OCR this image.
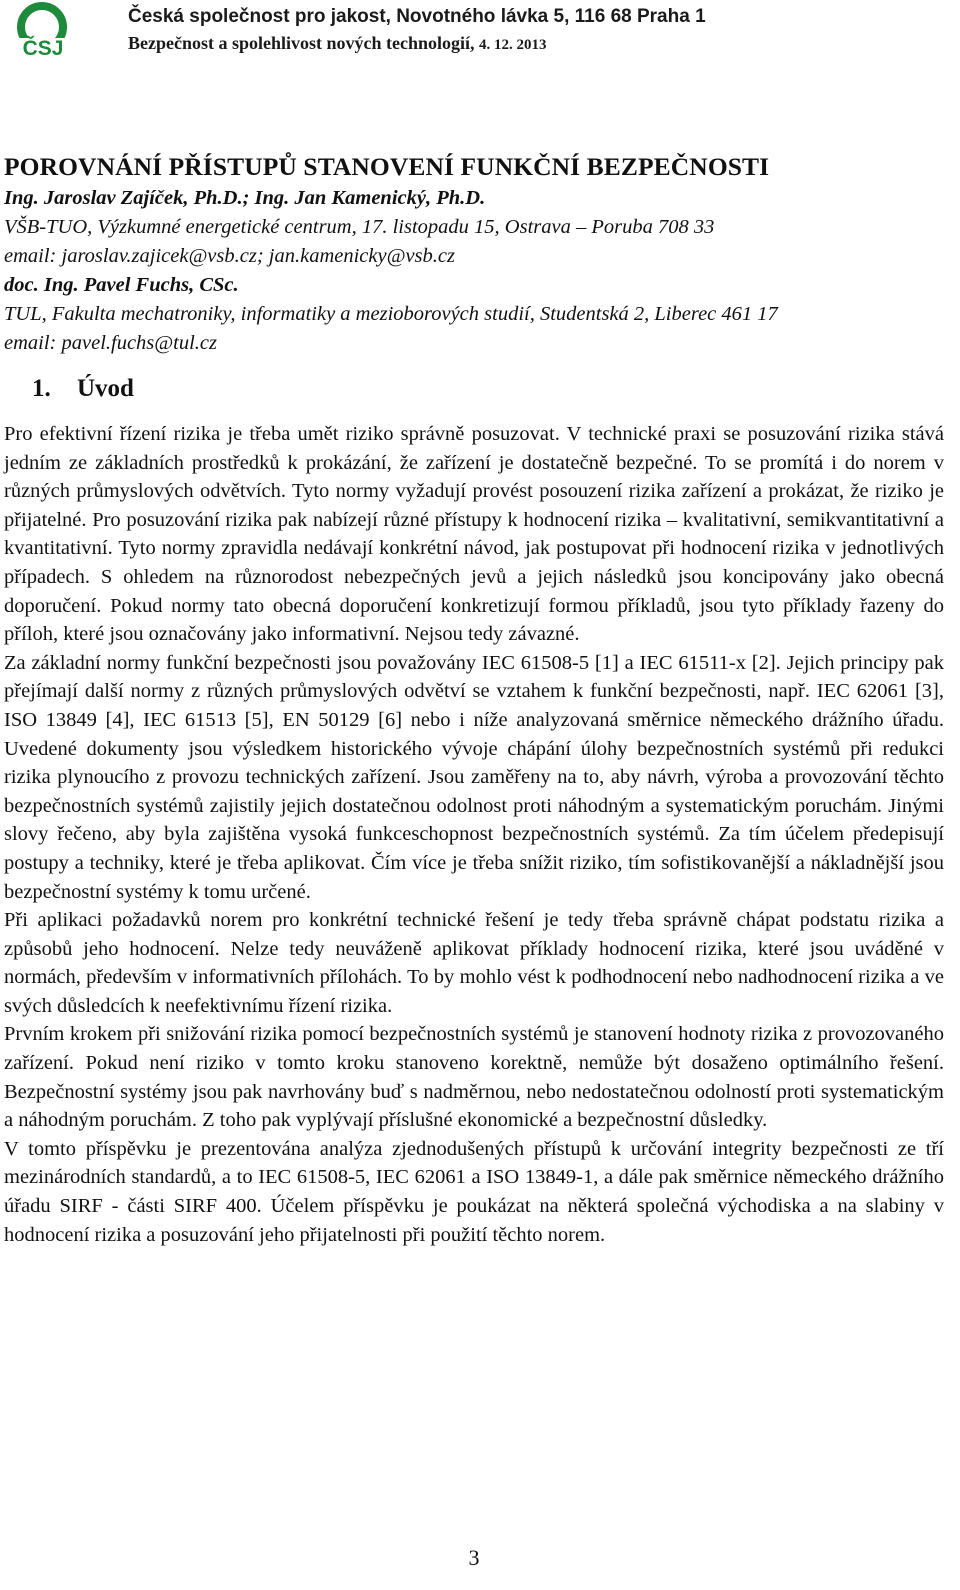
ČSJ
Česká společnost pro jakost, Novotného lávka 5, 116 68 Praha 1
Bezpečnost a spolehlivost nových technologií, 4. 12. 2013
POROVNÁNÍ PŘÍSTUPŮ STANOVENÍ FUNKČNÍ BEZPEČNOSTI

Ing. Jaroslav Zajíček, Ph.D.; Ing. Jan Kamenický, Ph.D.

VŠB-TUO, Výzkumné energetické centrum, 17. listopadu 15, Ostrava – Poruba 708 33

email: jaroslav.zajicek@vsb.cz; jan.kamenicky@vsb.cz

doc. Ing. Pavel Fuchs, CSc.

TUL, Fakulta mechatroniky, informatiky a mezioborových studií, Studentská 2, Liberec 461 17

email: pavel.fuchs@tul.cz

1. Úvod

Pro efektivní řízení rizika je třeba umět riziko správně posuzovat. V technické praxi se posuzování rizika stává jedním ze základních prostředků k prokázání, že zařízení je dostatečně bezpečné. To se promítá i do norem v různých průmyslových odvětvích. Tyto normy vyžadují provést posouzení rizika zařízení a prokázat, že riziko je přijatelné. Pro posuzování rizika pak nabízejí různé přístupy k hodnocení rizika – kvalitativní, semikvantitativní a kvantitativní. Tyto normy zpravidla nedávají konkrétní návod, jak postupovat při hodnocení rizika v jednotlivých případech. S ohledem na různorodost nebezpečných jevů a jejich následků jsou koncipovány jako obecná doporučení. Pokud normy tato obecná doporučení konkretizují formou příkladů, jsou tyto příklady řazeny do příloh, které jsou označovány jako informativní. Nejsou tedy závazné.

Za základní normy funkční bezpečnosti jsou považovány IEC 61508-5 [1] a IEC 61511-x [2]. Jejich principy pak přejímají další normy z různých průmyslových odvětví se vztahem k funkční bezpečnosti, např. IEC 62061 [3], ISO 13849 [4], IEC 61513 [5], EN 50129 [6] nebo i níže analyzovaná směrnice německého drážního úřadu. Uvedené dokumenty jsou výsledkem historického vývoje chápání úlohy bezpečnostních systémů při redukci rizika plynoucího z provozu technických zařízení. Jsou zaměřeny na to, aby návrh, výroba a provozování těchto bezpečnostních systémů zajistily jejich dostatečnou odolnost proti náhodným a systematickým poruchám. Jinými slovy řečeno, aby byla zajištěna vysoká funkceschopnost bezpečnostních systémů. Za tím účelem předepisují postupy a techniky, které je třeba aplikovat. Čím více je třeba snížit riziko, tím sofistikovanější a nákladnější jsou bezpečnostní systémy k tomu určené.

Při aplikaci požadavků norem pro konkrétní technické řešení je tedy třeba správně chápat podstatu rizika a způsobů jeho hodnocení. Nelze tedy neuváženě aplikovat příklady hodnocení rizika, které jsou uváděné v normách, především v informativních přílohách. To by mohlo vést k podhodnocení nebo nadhodnocení rizika a ve svých důsledcích k neefektivnímu řízení rizika.

Prvním krokem při snižování rizika pomocí bezpečnostních systémů je stanovení hodnoty rizika z provozovaného zařízení. Pokud není riziko v tomto kroku stanoveno korektně, nemůže být dosaženo optimálního řešení. Bezpečnostní systémy jsou pak navrhovány buď s nadměrnou, nebo nedostatečnou odolností proti systematickým a náhodným poruchám. Z toho pak vyplývají příslušné ekonomické a bezpečnostní důsledky.

V tomto příspěvku je prezentována analýza zjednodušených přístupů k určování integrity bezpečnosti ze tří mezinárodních standardů, a to IEC 61508-5, IEC 62061 a ISO 13849-1, a dále pak směrnice německého drážního úřadu SIRF - části SIRF 400. Účelem příspěvku je poukázat na některá společná východiska a na slabiny v hodnocení rizika a posuzování jeho přijatelnosti při použití těchto norem.

3
